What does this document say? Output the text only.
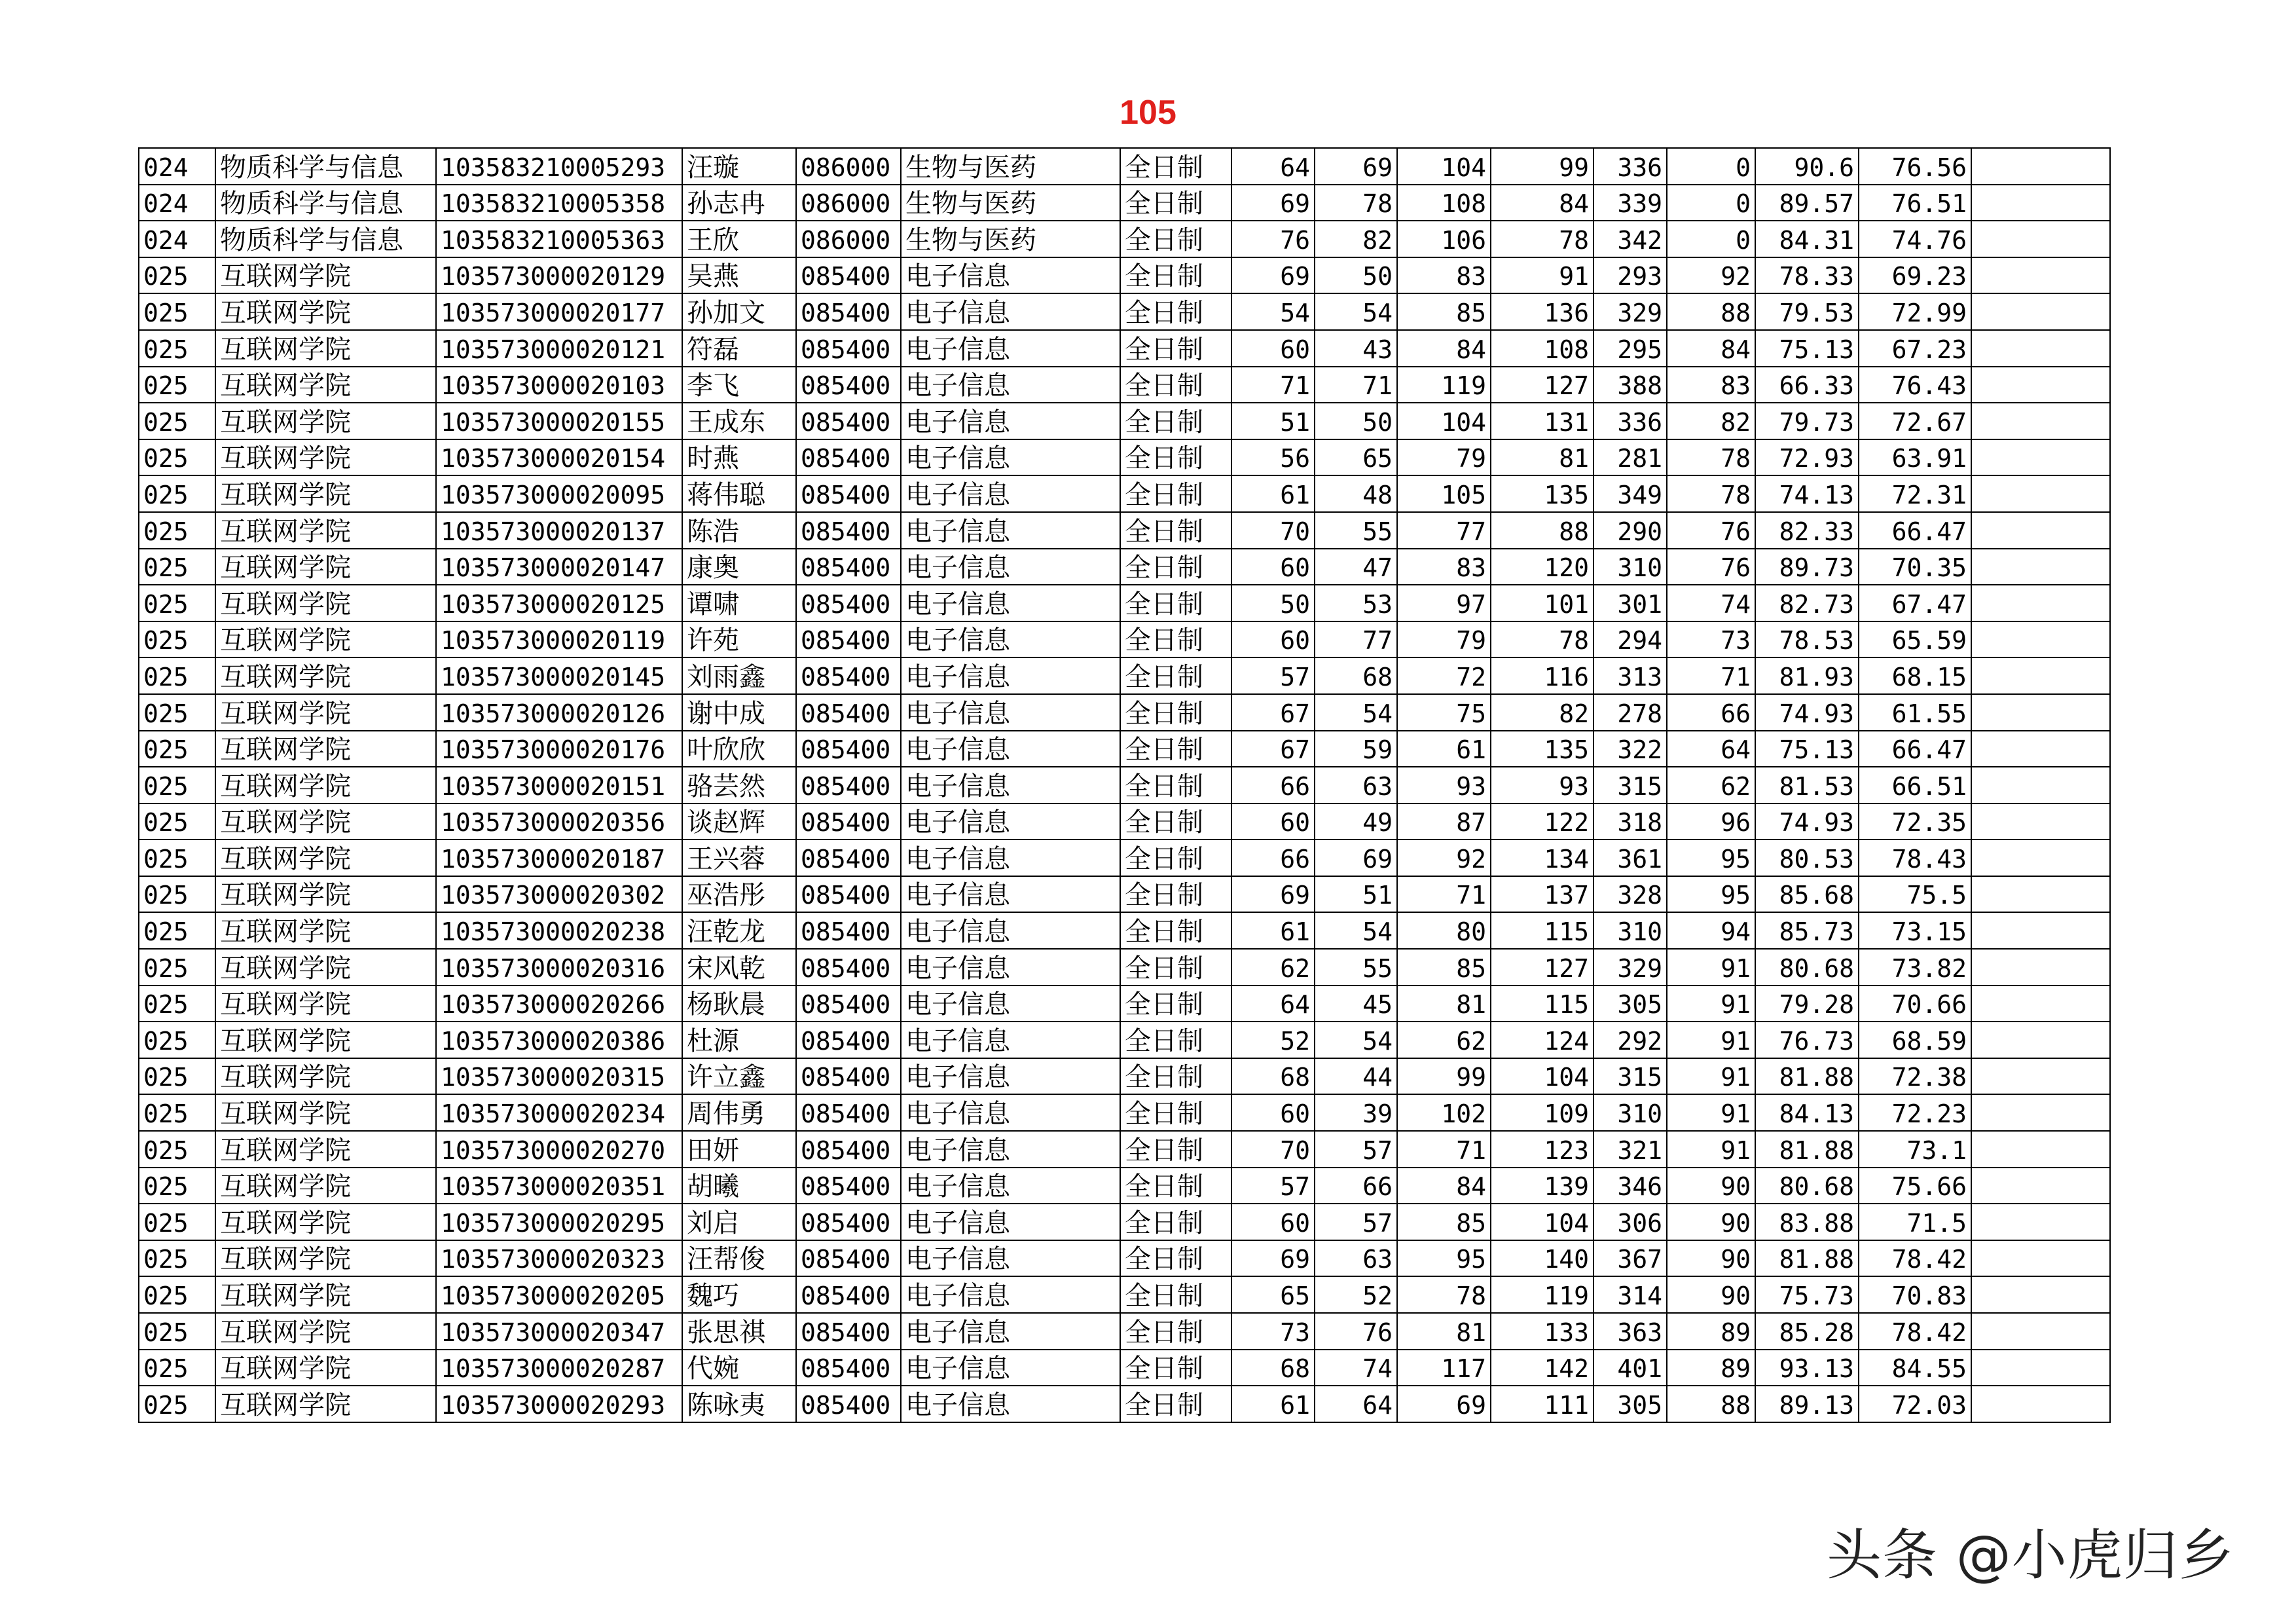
105
024	物质科学与信息	103583210005293	汪璇	086000	生物与医药	全日制	64	69	104	99	336	0	90.6	76.56	
024	物质科学与信息	103583210005358	孙志冉	086000	生物与医药	全日制	69	78	108	84	339	0	89.57	76.51	
024	物质科学与信息	103583210005363	王欣	086000	生物与医药	全日制	76	82	106	78	342	0	84.31	74.76	
025	互联网学院	103573000020129	吴燕	085400	电子信息	全日制	69	50	83	91	293	92	78.33	69.23	
025	互联网学院	103573000020177	孙加文	085400	电子信息	全日制	54	54	85	136	329	88	79.53	72.99	
025	互联网学院	103573000020121	符磊	085400	电子信息	全日制	60	43	84	108	295	84	75.13	67.23	
025	互联网学院	103573000020103	李飞	085400	电子信息	全日制	71	71	119	127	388	83	66.33	76.43	
025	互联网学院	103573000020155	王成东	085400	电子信息	全日制	51	50	104	131	336	82	79.73	72.67	
025	互联网学院	103573000020154	时燕	085400	电子信息	全日制	56	65	79	81	281	78	72.93	63.91	
025	互联网学院	103573000020095	蒋伟聪	085400	电子信息	全日制	61	48	105	135	349	78	74.13	72.31	
025	互联网学院	103573000020137	陈浩	085400	电子信息	全日制	70	55	77	88	290	76	82.33	66.47	
025	互联网学院	103573000020147	康奥	085400	电子信息	全日制	60	47	83	120	310	76	89.73	70.35	
025	互联网学院	103573000020125	谭啸	085400	电子信息	全日制	50	53	97	101	301	74	82.73	67.47	
025	互联网学院	103573000020119	许苑	085400	电子信息	全日制	60	77	79	78	294	73	78.53	65.59	
025	互联网学院	103573000020145	刘雨鑫	085400	电子信息	全日制	57	68	72	116	313	71	81.93	68.15	
025	互联网学院	103573000020126	谢中成	085400	电子信息	全日制	67	54	75	82	278	66	74.93	61.55	
025	互联网学院	103573000020176	叶欣欣	085400	电子信息	全日制	67	59	61	135	322	64	75.13	66.47	
025	互联网学院	103573000020151	骆芸然	085400	电子信息	全日制	66	63	93	93	315	62	81.53	66.51	
025	互联网学院	103573000020356	谈赵辉	085400	电子信息	全日制	60	49	87	122	318	96	74.93	72.35	
025	互联网学院	103573000020187	王兴蓉	085400	电子信息	全日制	66	69	92	134	361	95	80.53	78.43	
025	互联网学院	103573000020302	巫浩彤	085400	电子信息	全日制	69	51	71	137	328	95	85.68	75.5	
025	互联网学院	103573000020238	汪乾龙	085400	电子信息	全日制	61	54	80	115	310	94	85.73	73.15	
025	互联网学院	103573000020316	宋风乾	085400	电子信息	全日制	62	55	85	127	329	91	80.68	73.82	
025	互联网学院	103573000020266	杨耿晨	085400	电子信息	全日制	64	45	81	115	305	91	79.28	70.66	
025	互联网学院	103573000020386	杜源	085400	电子信息	全日制	52	54	62	124	292	91	76.73	68.59	
025	互联网学院	103573000020315	许立鑫	085400	电子信息	全日制	68	44	99	104	315	91	81.88	72.38	
025	互联网学院	103573000020234	周伟勇	085400	电子信息	全日制	60	39	102	109	310	91	84.13	72.23	
025	互联网学院	103573000020270	田妍	085400	电子信息	全日制	70	57	71	123	321	91	81.88	73.1	
025	互联网学院	103573000020351	胡曦	085400	电子信息	全日制	57	66	84	139	346	90	80.68	75.66	
025	互联网学院	103573000020295	刘启	085400	电子信息	全日制	60	57	85	104	306	90	83.88	71.5	
025	互联网学院	103573000020323	汪帮俊	085400	电子信息	全日制	69	63	95	140	367	90	81.88	78.42	
025	互联网学院	103573000020205	魏巧	085400	电子信息	全日制	65	52	78	119	314	90	75.73	70.83	
025	互联网学院	103573000020347	张思祺	085400	电子信息	全日制	73	76	81	133	363	89	85.28	78.42	
025	互联网学院	103573000020287	代婉	085400	电子信息	全日制	68	74	117	142	401	89	93.13	84.55	
025	互联网学院	103573000020293	陈咏夷	085400	电子信息	全日制	61	64	69	111	305	88	89.13	72.03	
头条 @小虎归乡
